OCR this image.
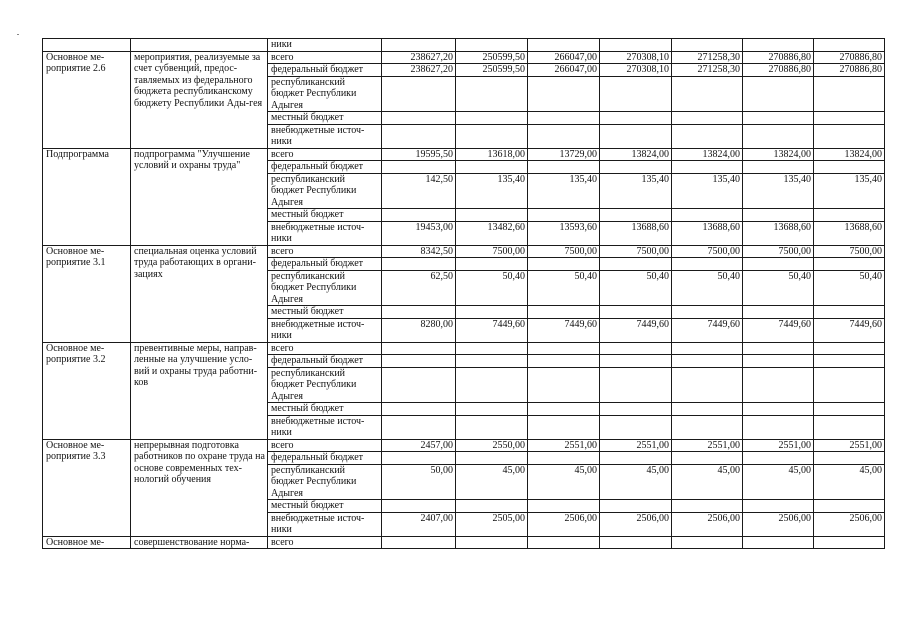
		ники							
Основное ме-роприятие 2.6	мероприятия, реализуемые за счет субвенций, предос-тавляемых из федерального бюджета республиканскому бюджету Республики Ады-гея	всего	238627,20	250599,50	266047,00	270308,10	271258,30	270886,80	270886,80
		федеральный бюджет	238627,20	250599,50	266047,00	270308,10	271258,30	270886,80	270886,80
		республиканский бюджет Республики Адыгея							
		местный бюджет							
		внебюджетные источ-ники							
Подпрограмма	подпрограмма "Улучшение условий и охраны труда"	всего	19595,50	13618,00	13729,00	13824,00	13824,00	13824,00	13824,00
		федеральный бюджет							
		республиканский бюджет Республики Адыгея	142,50	135,40	135,40	135,40	135,40	135,40	135,40
		местный бюджет							
		внебюджетные источ-ники	19453,00	13482,60	13593,60	13688,60	13688,60	13688,60	13688,60
Основное ме-роприятие 3.1	специальная оценка условий труда работающих в органи-зациях	всего	8342,50	7500,00	7500,00	7500,00	7500,00	7500,00	7500,00
		федеральный бюджет							
		республиканский бюджет Республики Адыгея	62,50	50,40	50,40	50,40	50,40	50,40	50,40
		местный бюджет							
		внебюджетные источ-ники	8280,00	7449,60	7449,60	7449,60	7449,60	7449,60	7449,60
Основное ме-роприятие 3.2	превентивные меры, направ-ленные на улучшение усло-вий и охраны труда работни-ков	всего							
		федеральный бюджет							
		республиканский бюджет Республики Адыгея							
		местный бюджет							
		внебюджетные источ-ники							
Основное ме-роприятие 3.3	непрерывная подготовка работников по охране труда на основе современных тех-нологий обучения	всего	2457,00	2550,00	2551,00	2551,00	2551,00	2551,00	2551,00
		федеральный бюджет							
		республиканский бюджет Республики Адыгея	50,00	45,00	45,00	45,00	45,00	45,00	45,00
		местный бюджет							
		внебюджетные источ-ники	2407,00	2505,00	2506,00	2506,00	2506,00	2506,00	2506,00
Основное ме-	совершенствование норма-	всего							
